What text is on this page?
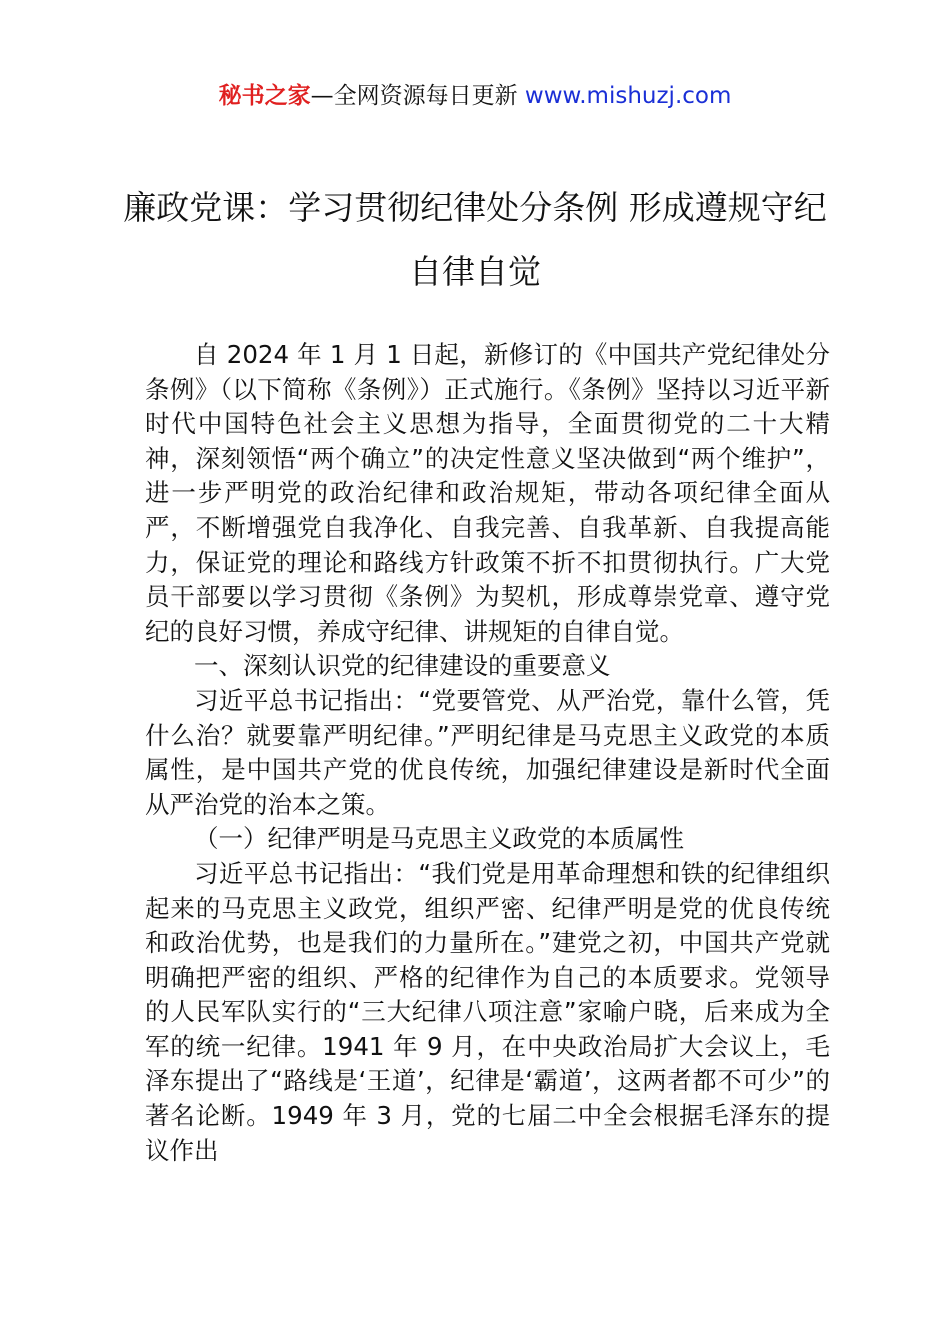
秘书之家—全网资源每日更新 www.mishuzj.com
廉政党课：学习贯彻纪律处分条例 形成遵规守纪自律自觉

自 2024 年 1 月 1 日起，新修订的《中国共产党纪律处分条例》（以下简称《条例》）正式施行。《条例》坚持以习近平新时代中国特色社会主义思想为指导，全面贯彻党的二十大精神，深刻领悟“两个确立”的决定性意义坚决做到“两个维护”，进一步严明党的政治纪律和政治规矩，带动各项纪律全面从严，不断增强党自我净化、自我完善、自我革新、自我提高能力，保证党的理论和路线方针政策不折不扣贯彻执行。广大党员干部要以学习贯彻《条例》为契机，形成尊崇党章、遵守党纪的良好习惯，养成守纪律、讲规矩的自律自觉。

一、深刻认识党的纪律建设的重要意义

习近平总书记指出：“党要管党、从严治党，靠什么管，凭什么治？就要靠严明纪律。”严明纪律是马克思主义政党的本质属性，是中国共产党的优良传统，加强纪律建设是新时代全面从严治党的治本之策。

（一）纪律严明是马克思主义政党的本质属性

习近平总书记指出：“我们党是用革命理想和铁的纪律组织起来的马克思主义政党，组织严密、纪律严明是党的优良传统和政治优势，也是我们的力量所在。”建党之初，中国共产党就明确把严密的组织、严格的纪律作为自己的本质要求。党领导的人民军队实行的“三大纪律八项注意”家喻户晓，后来成为全军的统一纪律。1941 年 9 月，在中央政治局扩大会议上，毛泽东提出了“路线是‘王道’，纪律是‘霸道’，这两者都不可少”的著名论断。1949 年 3 月，党的七届二中全会根据毛泽东的提议作出
